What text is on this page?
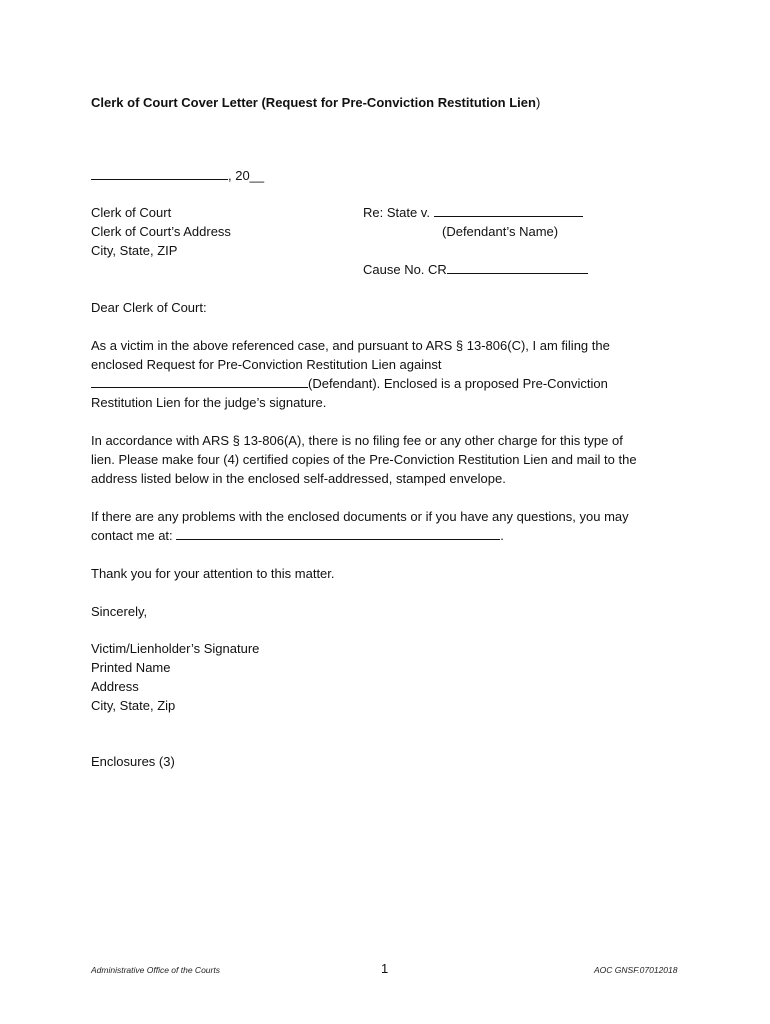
Clerk of Court Cover Letter (Request for Pre-Conviction Restitution Lien)
, 20__
Clerk of Court
Clerk of Court’s Address
City, State, ZIP
Re: State v.
(Defendant’s Name)
Cause No. CR
Dear Clerk of Court:
As a victim in the above referenced case, and pursuant to ARS § 13-806(C), I am filing the
enclosed Request for Pre-Conviction Restitution Lien against
(Defendant). Enclosed is a proposed Pre-Conviction
Restitution Lien for the judge’s signature.
In accordance with ARS § 13-806(A), there is no filing fee or any other charge for this type of
lien. Please make four (4) certified copies of the Pre-Conviction Restitution Lien and mail to the
address listed below in the enclosed self-addressed, stamped envelope.
If there are any problems with the enclosed documents or if you have any questions, you may
contact me at:	.
Thank you for your attention to this matter.
Sincerely,
Victim/Lienholder’s Signature
Printed Name
Address
City, State, Zip
Enclosures (3)
Administrative Office of the Courts	1	AOC GNSF.07012018
